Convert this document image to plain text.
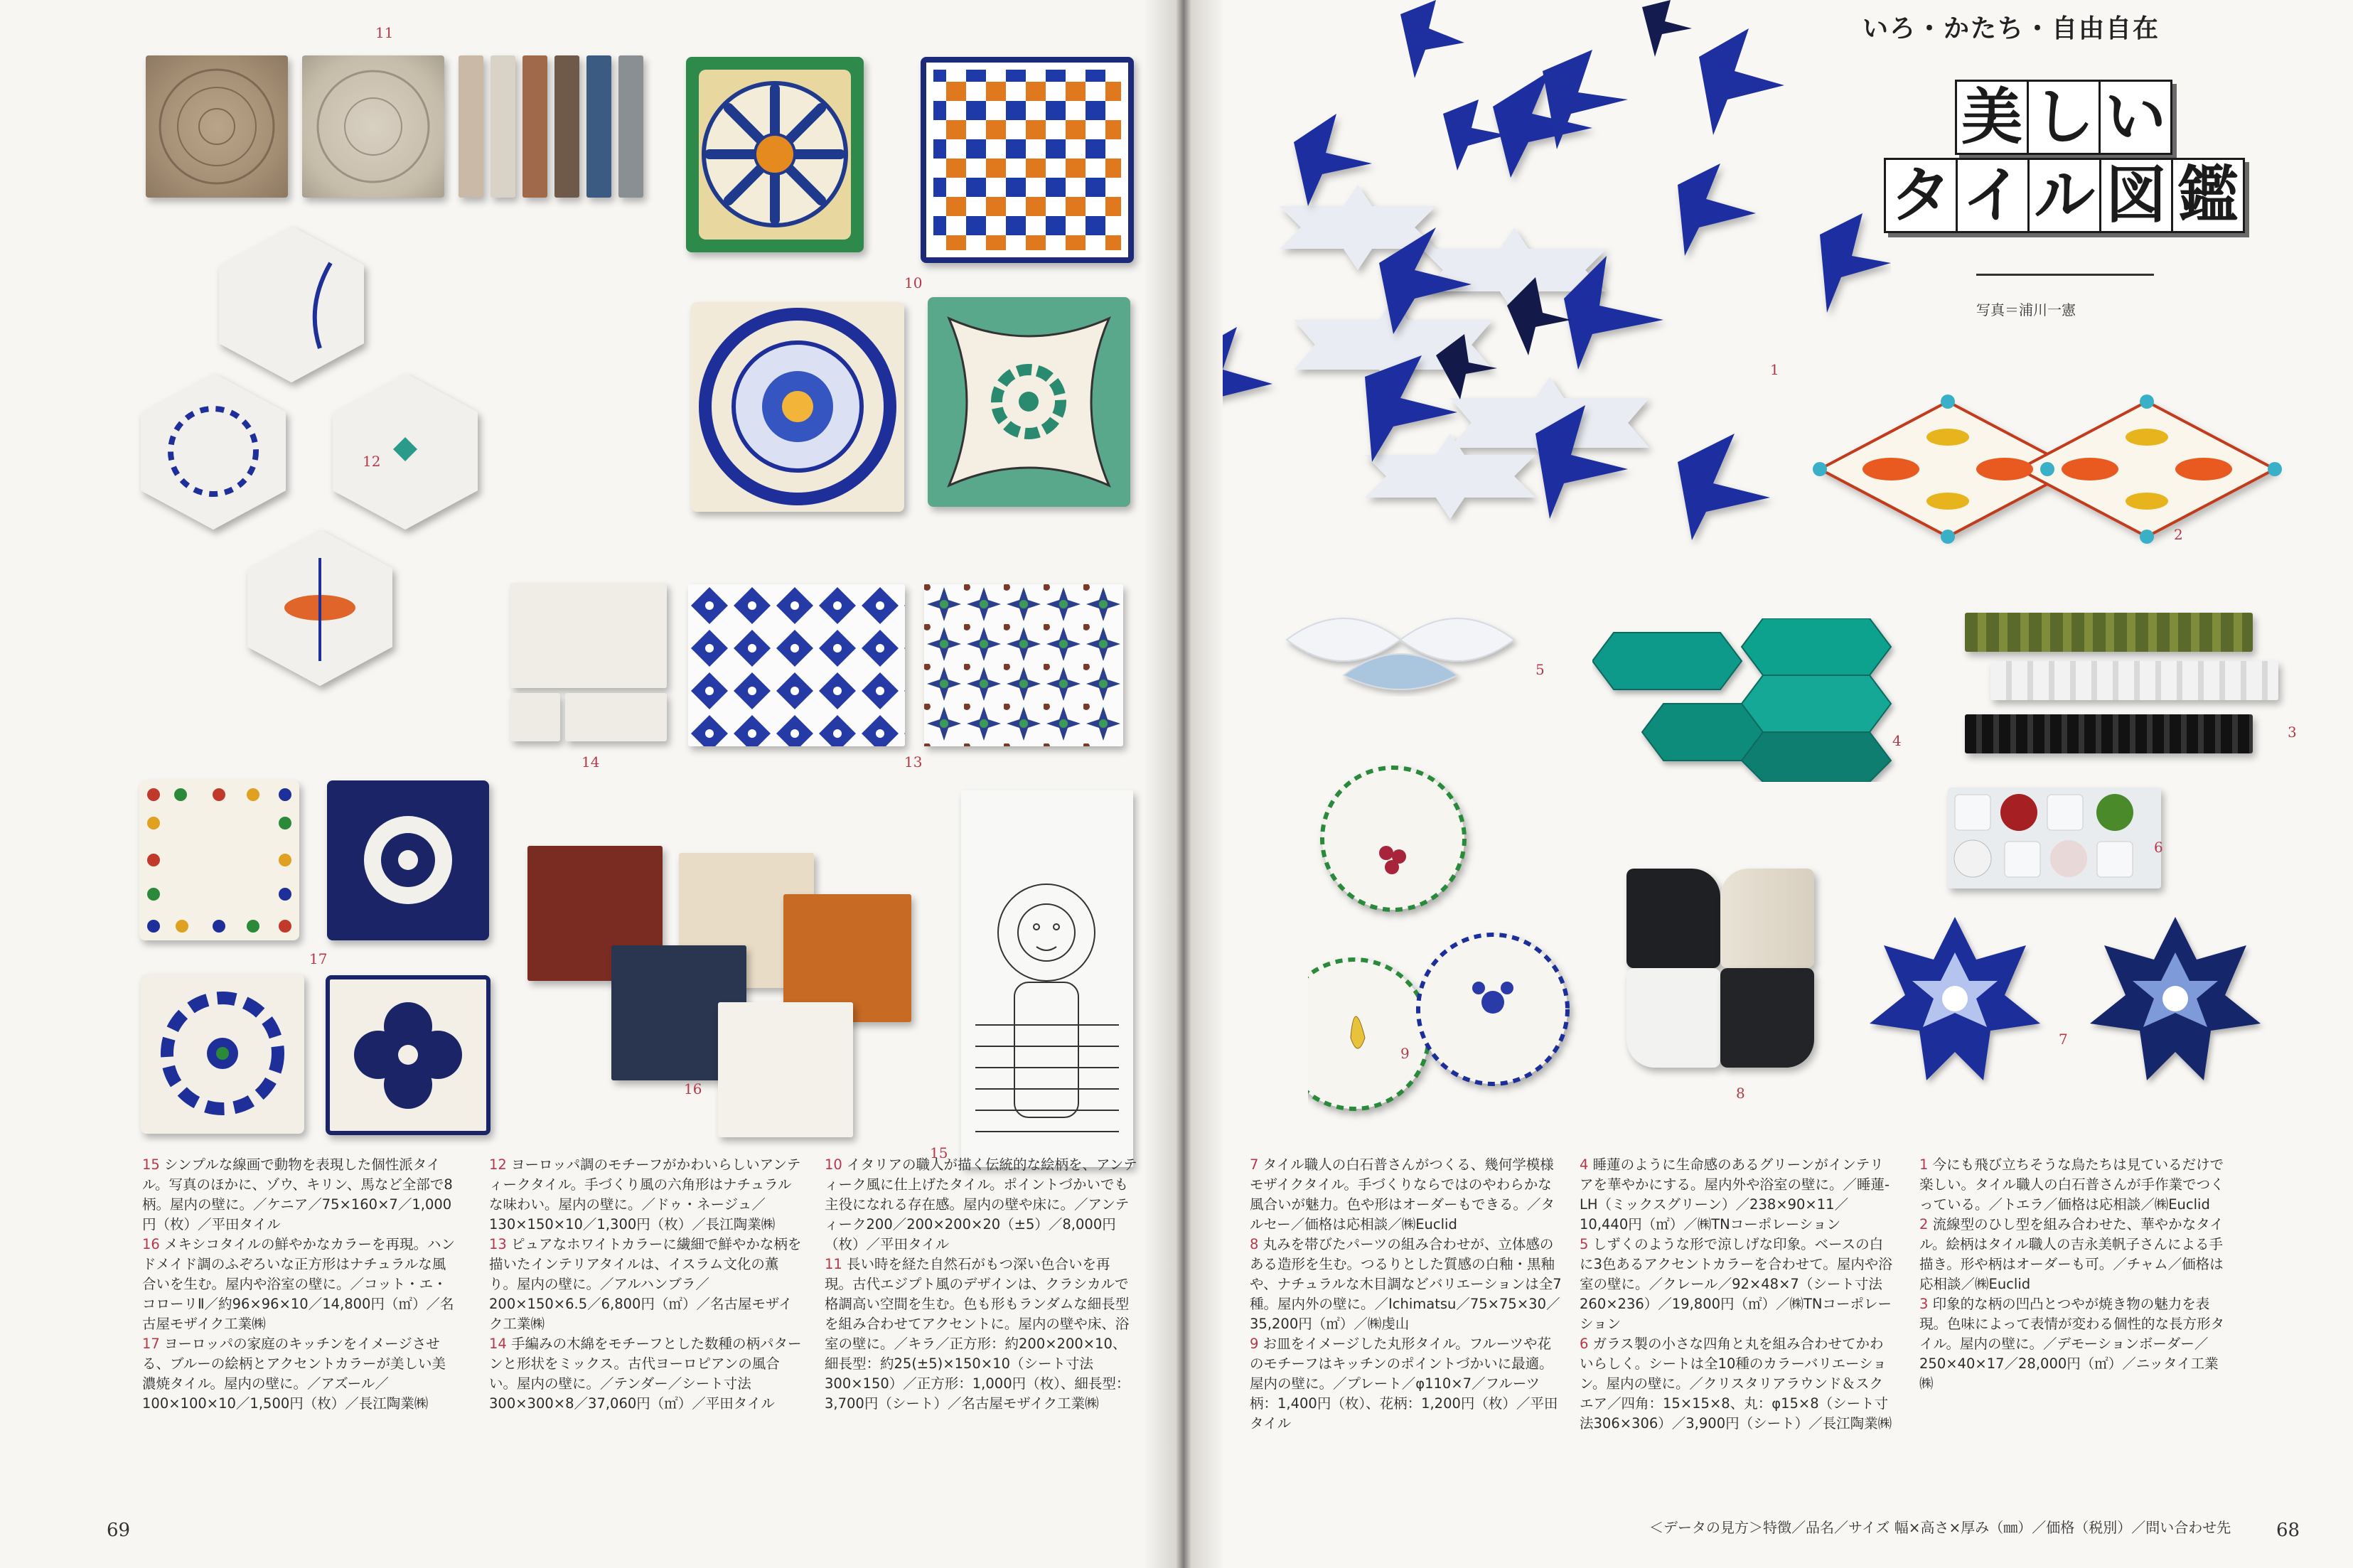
11
10
12
14	13
17
16
15

15 シンプルな線画で動物を表現した個性派タイル。写真のほかに、ゾウ、キリン、馬など全部で8柄。屋内の壁に。／ケニア／75×160×7／1,000円（枚）／平田タイル

16 メキシコタイルの鮮やかなカラーを再現。ハンドメイド調のふぞろいな正方形はナチュラルな風合いを生む。屋内や浴室の壁に。／コット・エ・コローリⅡ／約96×96×10／14,800円（㎡）／名古屋モザイク工業㈱

17 ヨーロッパの家庭のキッチンをイメージさせる、ブルーの絵柄とアクセントカラーが美しい美濃焼タイル。屋内の壁に。／アズール／100×100×10／1,500円（枚）／長江陶業㈱

12 ヨーロッパ調のモチーフがかわいらしいアンティークタイル。手づくり風の六角形はナチュラルな味わい。屋内の壁に。／ドゥ・ネージュ／130×150×10／1,300円（枚）／長江陶業㈱

13 ピュアなホワイトカラーに繊細で鮮やかな柄を描いたインテリアタイルは、イスラム文化の薫り。屋内の壁に。／アルハンブラ／200×150×6.5／6,800円（㎡）／名古屋モザイク工業㈱

14 手編みの木綿をモチーフとした数種の柄パターンと形状をミックス。古代ヨーロピアンの風合い。屋内の壁に。／テンダー／シート寸法300×300×8／37,060円（㎡）／平田タイル

10 イタリアの職人が描く伝統的な絵柄を、アンティーク風に仕上げたタイル。ポイントづかいでも主役になれる存在感。屋内の壁や床に。／アンティーク200／200×200×20（±5）／8,000円（枚）／平田タイル

11 長い時を経た自然石がもつ深い色合いを再現。古代エジプト風のデザインは、クラシカルで格調高い空間を生む。色も形もランダムな細長型を組み合わせてアクセントに。屋内の壁や床、浴室の壁に。／キラ／正方形：約200×200×10、細長型：約25(±5)×150×10（シート寸法300×150）／正方形：1,000円（枚）、細長型：3,700円（シート）／名古屋モザイク工業㈱

69
いろ・かたち・自由自在
美 し い
タ イ ル 図 鑑
写真＝浦川一憲
1
2
5
4	3
6
9
8
7

7 タイル職人の白石普さんがつくる、幾何学模様モザイクタイル。手づくりならではのやわらかな風合いが魅力。色や形はオーダーもできる。／タルセー／価格は応相談／㈱Euclid

8 丸みを帯びたパーツの組み合わせが、立体感のある造形を生む。つるりとした質感の白釉・黒釉や、ナチュラルな木目調などバリエーションは全7種。屋内外の壁に。／Ichimatsu／75×75×30／35,200円（㎡）／㈱虔山

9 お皿をイメージした丸形タイル。フルーツや花のモチーフはキッチンのポイントづかいに最適。屋内の壁に。／プレート／φ110×7／フルーツ柄：1,400円（枚）、花柄：1,200円（枚）／平田タイル

4 睡蓮のように生命感のあるグリーンがインテリアを華やかにする。屋内外や浴室の壁に。／睡蓮-LH（ミックスグリーン）／238×90×11／10,440円（㎡）／㈱TNコーポレーション

5 しずくのような形で涼しげな印象。ベースの白に3色あるアクセントカラーを合わせて。屋内や浴室の壁に。／クレール／92×48×7（シート寸法260×236）／19,800円（㎡）／㈱TNコーポレーション

6 ガラス製の小さな四角と丸を組み合わせてかわいらしく。シートは全10種のカラーバリエーション。屋内の壁に。／クリスタリアラウンド＆スクエア／四角：15×15×8、丸：φ15×8（シート寸法306×306）／3,900円（シート）／長江陶業㈱

1 今にも飛び立ちそうな鳥たちは見ているだけで楽しい。タイル職人の白石普さんが手作業でつくっている。／トエラ／価格は応相談／㈱Euclid

2 流線型のひし型を組み合わせた、華やかなタイル。絵柄はタイル職人の吉永美帆子さんによる手描き。形や柄はオーダーも可。／チャム／価格は応相談／㈱Euclid

3 印象的な柄の凹凸とつやが焼き物の魅力を表現。色味によって表情が変わる個性的な長方形タイル。屋内の壁に。／デモーションボーダー／250×40×17／28,000円（㎡）／ニッタイ工業㈱

＜データの見方＞特徴／品名／サイズ 幅×高さ×厚み（㎜）／価格（税別）／問い合わせ先 68
